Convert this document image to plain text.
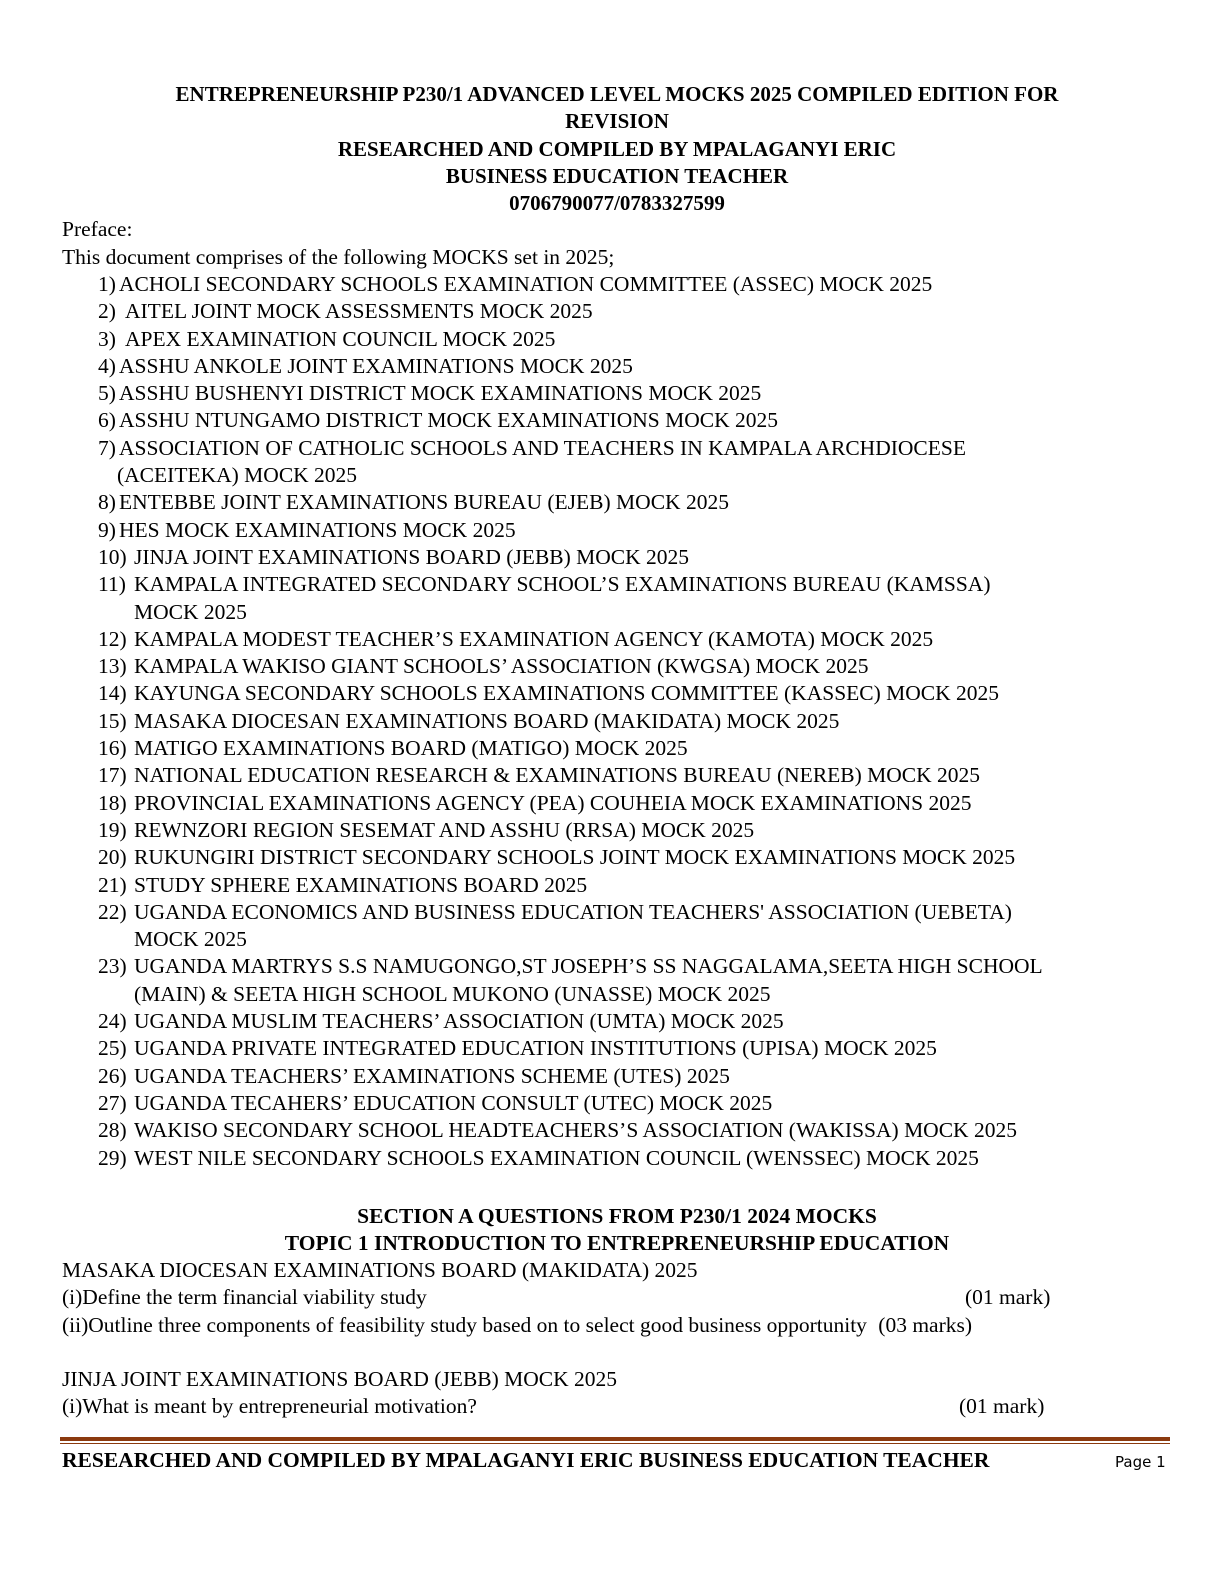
ENTREPRENEURSHIP P230/1 ADVANCED LEVEL MOCKS 2025 COMPILED EDITION FOR
REVISION
RESEARCHED AND COMPILED BY MPALAGANYI ERIC
BUSINESS EDUCATION TEACHER
0706790077/0783327599
Preface:
This document comprises of the following MOCKS set in 2025;
1) ACHOLI SECONDARY SCHOOLS EXAMINATION COMMITTEE (ASSEC) MOCK 2025
2) AITEL JOINT MOCK ASSESSMENTS MOCK 2025
3) APEX EXAMINATION COUNCIL MOCK 2025
4) ASSHU ANKOLE JOINT EXAMINATIONS MOCK 2025
5) ASSHU BUSHENYI DISTRICT MOCK EXAMINATIONS MOCK 2025
6) ASSHU NTUNGAMO DISTRICT MOCK EXAMINATIONS MOCK 2025
7) ASSOCIATION OF CATHOLIC SCHOOLS AND TEACHERS IN KAMPALA ARCHDIOCESE
(ACEITEKA) MOCK 2025
8) ENTEBBE JOINT EXAMINATIONS BUREAU (EJEB) MOCK 2025
9) HES MOCK EXAMINATIONS MOCK 2025
10) JINJA JOINT EXAMINATIONS BOARD (JEBB) MOCK 2025
11) KAMPALA INTEGRATED SECONDARY SCHOOL’S EXAMINATIONS BUREAU (KAMSSA)
MOCK 2025
12) KAMPALA MODEST TEACHER’S EXAMINATION AGENCY (KAMOTA) MOCK 2025
13) KAMPALA WAKISO GIANT SCHOOLS’ ASSOCIATION (KWGSA) MOCK 2025
14) KAYUNGA SECONDARY SCHOOLS EXAMINATIONS COMMITTEE (KASSEC) MOCK 2025
15) MASAKA DIOCESAN EXAMINATIONS BOARD (MAKIDATA) MOCK 2025
16) MATIGO EXAMINATIONS BOARD (MATIGO) MOCK 2025
17) NATIONAL EDUCATION RESEARCH & EXAMINATIONS BUREAU (NEREB) MOCK 2025
18) PROVINCIAL EXAMINATIONS AGENCY (PEA) COUHEIA MOCK EXAMINATIONS 2025
19) REWNZORI REGION SESEMAT AND ASSHU (RRSA) MOCK 2025
20) RUKUNGIRI DISTRICT SECONDARY SCHOOLS JOINT MOCK EXAMINATIONS MOCK 2025
21) STUDY SPHERE EXAMINATIONS BOARD 2025
22) UGANDA ECONOMICS AND BUSINESS EDUCATION TEACHERS' ASSOCIATION (UEBETA)
MOCK 2025
23) UGANDA MARTRYS S.S NAMUGONGO,ST JOSEPH’S SS NAGGALAMA,SEETA HIGH SCHOOL
(MAIN) & SEETA HIGH SCHOOL MUKONO (UNASSE) MOCK 2025
24) UGANDA MUSLIM TEACHERS’ ASSOCIATION (UMTA) MOCK 2025
25) UGANDA PRIVATE INTEGRATED EDUCATION INSTITUTIONS (UPISA) MOCK 2025
26) UGANDA TEACHERS’ EXAMINATIONS SCHEME (UTES) 2025
27) UGANDA TECAHERS’ EDUCATION CONSULT (UTEC) MOCK 2025
28) WAKISO SECONDARY SCHOOL HEADTEACHERS’S ASSOCIATION (WAKISSA) MOCK 2025
29) WEST NILE SECONDARY SCHOOLS EXAMINATION COUNCIL (WENSSEC) MOCK 2025
SECTION A QUESTIONS FROM P230/1 2024 MOCKS
TOPIC 1 INTRODUCTION TO ENTREPRENEURSHIP EDUCATION
MASAKA DIOCESAN EXAMINATIONS BOARD (MAKIDATA) 2025
(i)Define the term financial viability study	(01 mark)
(ii)Outline three components of feasibility study based on to select good business opportunity (03 marks)
JINJA JOINT EXAMINATIONS BOARD (JEBB) MOCK 2025
(i)What is meant by entrepreneurial motivation?	(01 mark)
RESEARCHED AND COMPILED BY MPALAGANYI ERIC BUSINESS EDUCATION TEACHER	Page 1
